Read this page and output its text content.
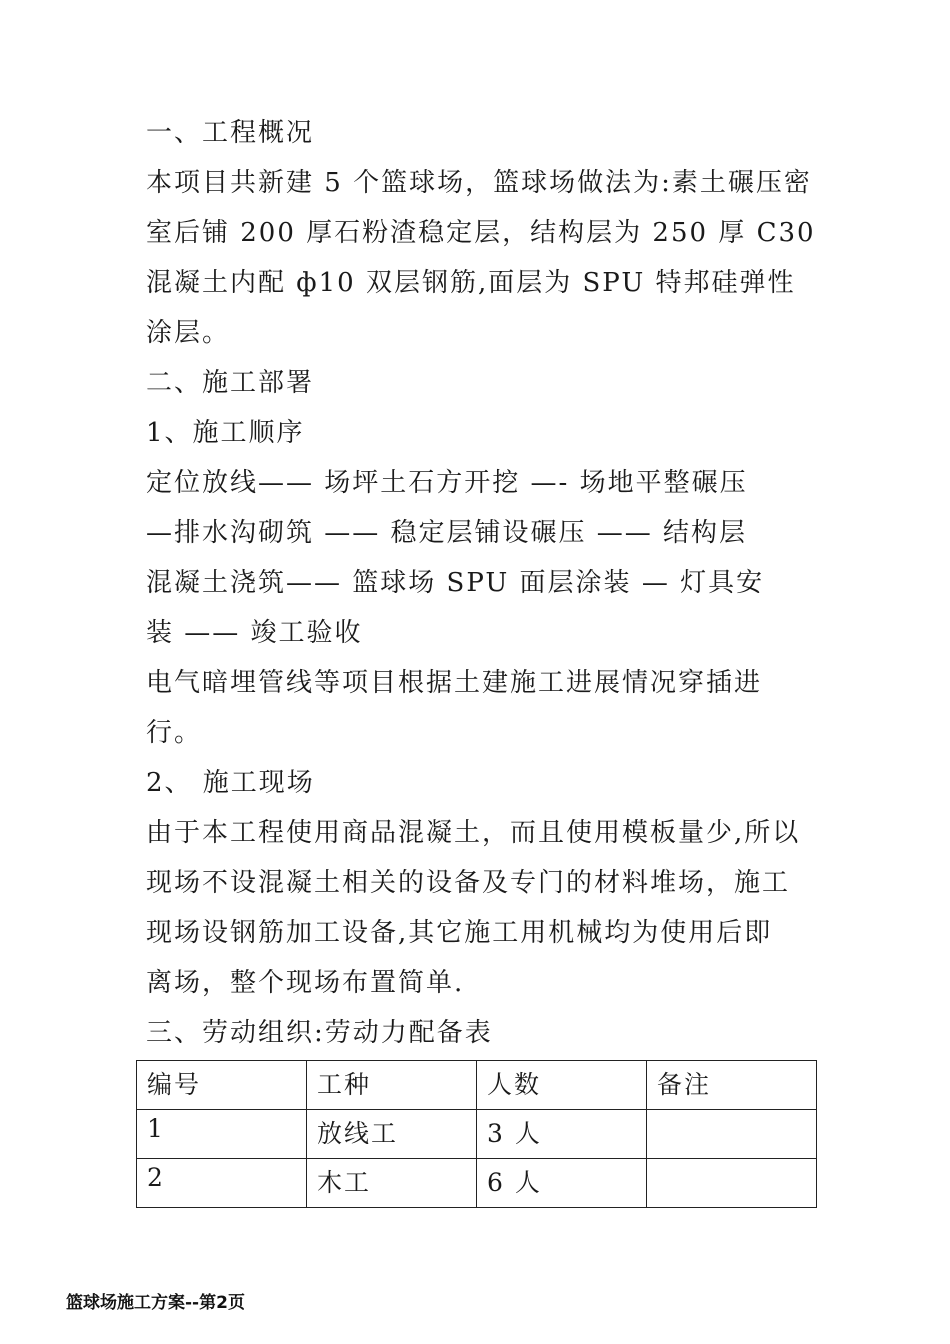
一、工程概况
本项目共新建 5 个篮球场，篮球场做法为:素土碾压密
室后铺 200 厚石粉渣稳定层，结构层为 250 厚 C30
混凝土内配 ф10 双层钢筋,面层为 SPU 特邦硅弹性
涂层。
二、施工部署
1、施工顺序
定位放线—— 场坪土石方开挖 —- 场地平整碾压
—排水沟砌筑 —— 稳定层铺设碾压 —— 结构层
混凝土浇筑—— 篮球场 SPU 面层涂装 — 灯具安
装 —— 竣工验收
电气暗埋管线等项目根据土建施工进展情况穿插进
行。
2、 施工现场
由于本工程使用商品混凝土，而且使用模板量少,所以
现场不设混凝土相关的设备及专门的材料堆场，施工
现场设钢筋加工设备,其它施工用机械均为使用后即
离场，整个现场布置简单.
三、劳动组织:劳动力配备表
编号	工种	人数	备注
1	放线工	3 人	
2	木工	6 人	
篮球场施工方案--第2页
